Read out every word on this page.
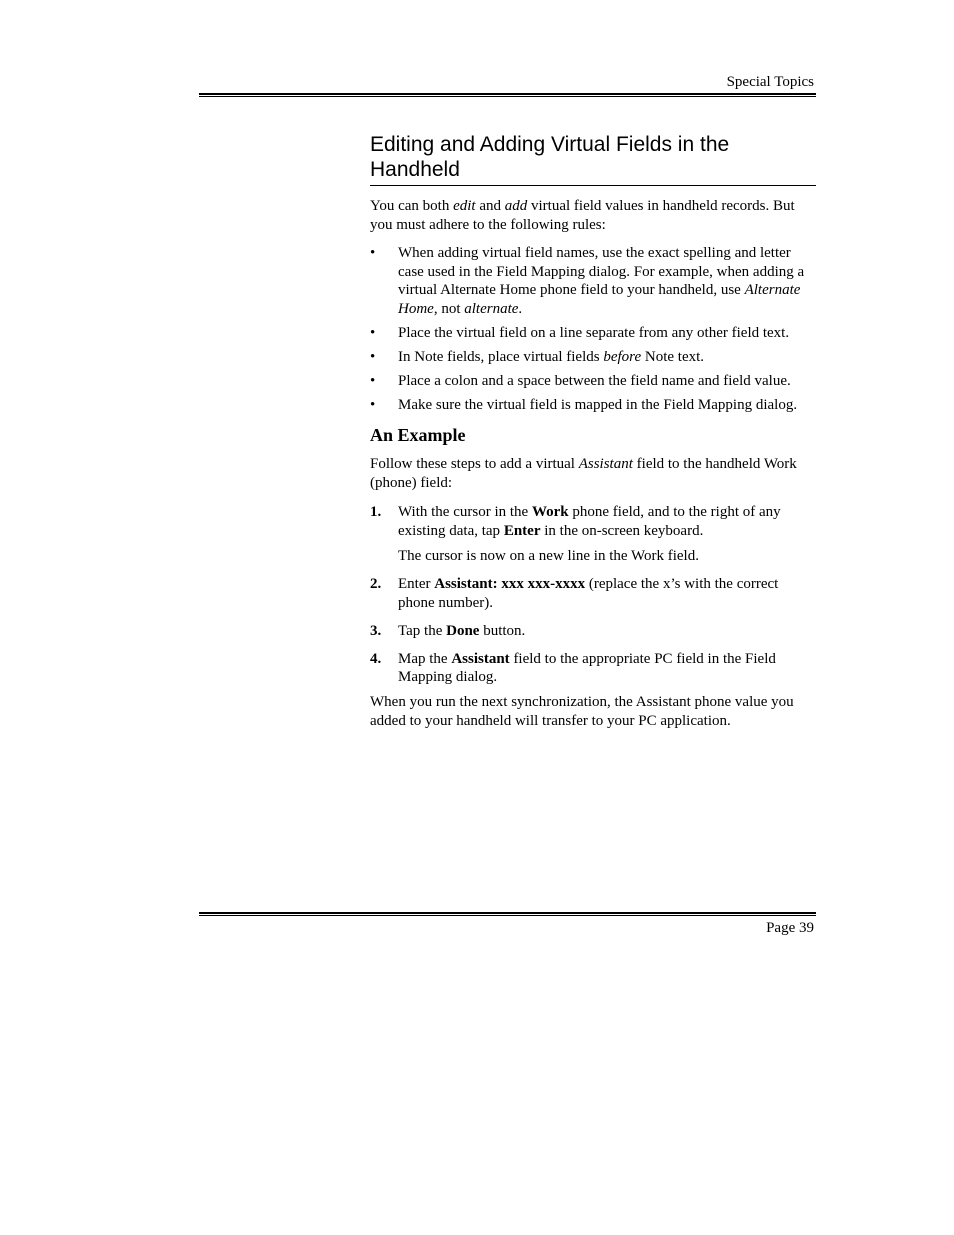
Special Topics
Editing and Adding Virtual Fields in the Handheld

You can both edit and add virtual field values in handheld records. But you must adhere to the following rules:

• When adding virtual field names, use the exact spelling and letter case used in the Field Mapping dialog. For example, when adding a virtual Alternate Home phone field to your handheld, use Alternate Home, not alternate.
• Place the virtual field on a line separate from any other field text.
• In Note fields, place virtual fields before Note text.
• Place a colon and a space between the field name and field value.
• Make sure the virtual field is mapped in the Field Mapping dialog.
An Example

Follow these steps to add a virtual Assistant field to the handheld Work (phone) field:

1. With the cursor in the Work phone field, and to the right of any existing data, tap Enter in the on-screen keyboard.

The cursor is now on a new line in the Work field.

2. Enter Assistant: xxx xxx-xxxx (replace the x’s with the correct phone number).
3. Tap the Done button.
4. Map the Assistant field to the appropriate PC field in the Field Mapping dialog.

When you run the next synchronization, the Assistant phone value you added to your handheld will transfer to your PC application.

Page 39
